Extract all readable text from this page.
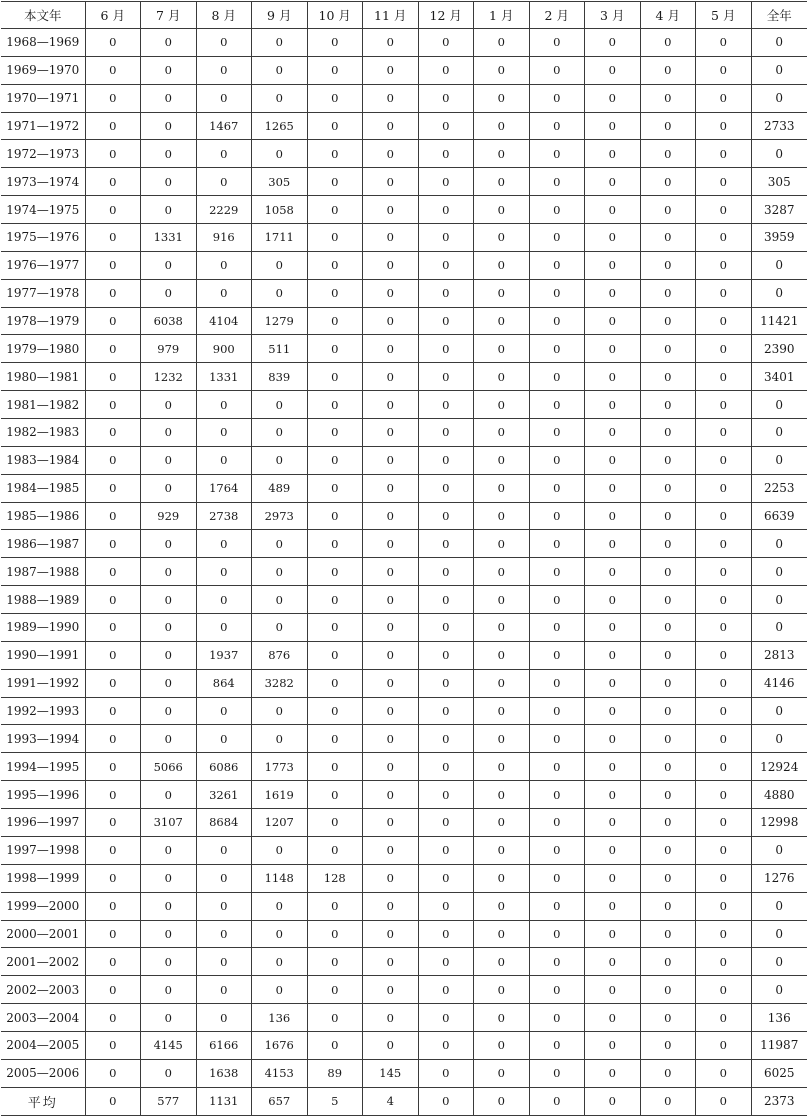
本文年	6 月	7 月	8 月	9 月	10 月	11 月	12 月	1 月	2 月	3 月	4 月	5 月	全年
1968—1969	0	0	0	0	0	0	0	0	0	0	0	0	0
1969—1970	0	0	0	0	0	0	0	0	0	0	0	0	0
1970—1971	0	0	0	0	0	0	0	0	0	0	0	0	0
1971—1972	0	0	1467	1265	0	0	0	0	0	0	0	0	2733
1972—1973	0	0	0	0	0	0	0	0	0	0	0	0	0
1973—1974	0	0	0	305	0	0	0	0	0	0	0	0	305
1974—1975	0	0	2229	1058	0	0	0	0	0	0	0	0	3287
1975—1976	0	1331	916	1711	0	0	0	0	0	0	0	0	3959
1976—1977	0	0	0	0	0	0	0	0	0	0	0	0	0
1977—1978	0	0	0	0	0	0	0	0	0	0	0	0	0
1978—1979	0	6038	4104	1279	0	0	0	0	0	0	0	0	11421
1979—1980	0	979	900	511	0	0	0	0	0	0	0	0	2390
1980—1981	0	1232	1331	839	0	0	0	0	0	0	0	0	3401
1981—1982	0	0	0	0	0	0	0	0	0	0	0	0	0
1982—1983	0	0	0	0	0	0	0	0	0	0	0	0	0
1983—1984	0	0	0	0	0	0	0	0	0	0	0	0	0
1984—1985	0	0	1764	489	0	0	0	0	0	0	0	0	2253
1985—1986	0	929	2738	2973	0	0	0	0	0	0	0	0	6639
1986—1987	0	0	0	0	0	0	0	0	0	0	0	0	0
1987—1988	0	0	0	0	0	0	0	0	0	0	0	0	0
1988—1989	0	0	0	0	0	0	0	0	0	0	0	0	0
1989—1990	0	0	0	0	0	0	0	0	0	0	0	0	0
1990—1991	0	0	1937	876	0	0	0	0	0	0	0	0	2813
1991—1992	0	0	864	3282	0	0	0	0	0	0	0	0	4146
1992—1993	0	0	0	0	0	0	0	0	0	0	0	0	0
1993—1994	0	0	0	0	0	0	0	0	0	0	0	0	0
1994—1995	0	5066	6086	1773	0	0	0	0	0	0	0	0	12924
1995—1996	0	0	3261	1619	0	0	0	0	0	0	0	0	4880
1996—1997	0	3107	8684	1207	0	0	0	0	0	0	0	0	12998
1997—1998	0	0	0	0	0	0	0	0	0	0	0	0	0
1998—1999	0	0	0	1148	128	0	0	0	0	0	0	0	1276
1999—2000	0	0	0	0	0	0	0	0	0	0	0	0	0
2000—2001	0	0	0	0	0	0	0	0	0	0	0	0	0
2001—2002	0	0	0	0	0	0	0	0	0	0	0	0	0
2002—2003	0	0	0	0	0	0	0	0	0	0	0	0	0
2003—2004	0	0	0	136	0	0	0	0	0	0	0	0	136
2004—2005	0	4145	6166	1676	0	0	0	0	0	0	0	0	11987
2005—2006	0	0	1638	4153	89	145	0	0	0	0	0	0	6025
平均	0	577	1131	657	5	4	0	0	0	0	0	0	2373
